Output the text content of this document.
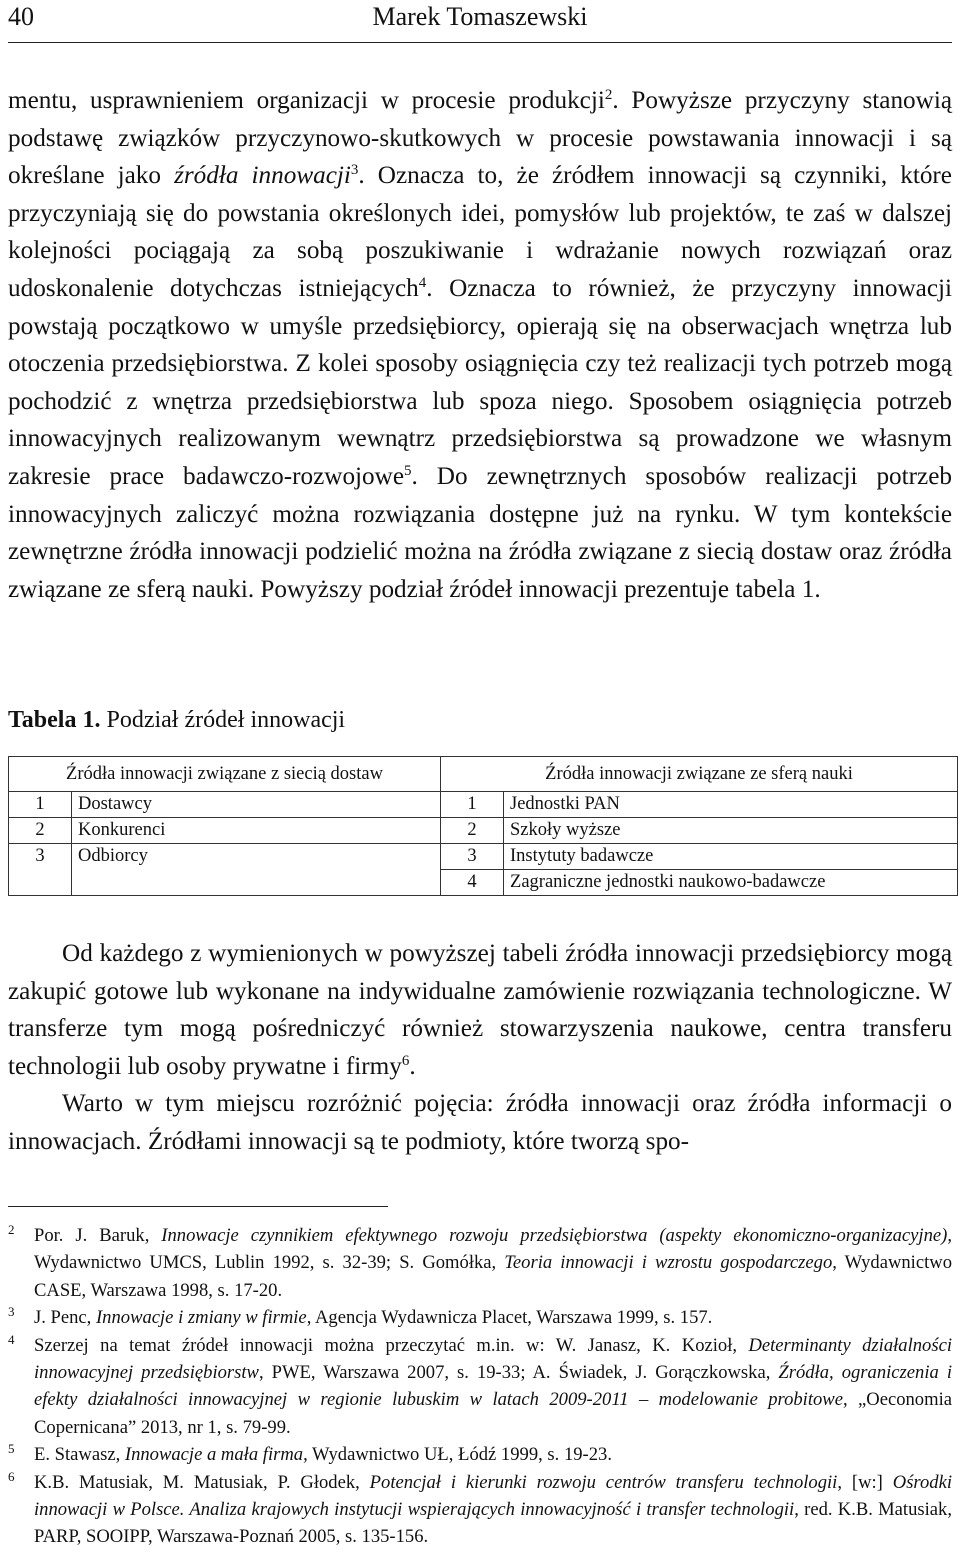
40	Marek Tomaszewski

mentu, usprawnieniem organizacji w procesie produkcji$^2$. Powyższe przyczyny stanowią podstawę związków przyczynowo-skutkowych w procesie powstawania innowacji i są określane jako źródła innowacji$^3$. Oznacza to, że źródłem innowacji są czynniki, które przyczyniają się do powstania określonych idei, pomysłów lub projektów, te zaś w dalszej kolejności pociągają za sobą poszukiwanie i wdrażanie nowych rozwiązań oraz udoskonalenie dotychczas istniejących$^4$. Oznacza to również, że przyczyny innowacji powstają początkowo w umyśle przedsiębiorcy, opierają się na obserwacjach wnętrza lub otoczenia przedsiębiorstwa. Z kolei sposoby osiągnięcia czy też realizacji tych potrzeb mogą pochodzić z wnętrza przedsiębiorstwa lub spoza niego. Sposobem osiągnięcia potrzeb innowacyjnych realizowanym wewnątrz przedsiębiorstwa są prowadzone we własnym zakresie prace badawczo-rozwojowe$^5$. Do zewnętrznych sposobów realizacji potrzeb innowacyjnych zaliczyć można rozwiązania dostępne już na rynku. W tym kontekście zewnętrzne źródła innowacji podzielić można na źródła związane z siecią dostaw oraz źródła związane ze sferą nauki. Powyższy podział źródeł innowacji prezentuje tabela 1.

Tabela 1. Podział źródeł innowacji
Źródła innowacji związane z siecią dostaw		Źródła innowacji związane ze sferą nauki	
1	Dostawcy	1	Jednostki PAN
2	Konkurenci	2	Szkoły wyższe
3	Odbiorcy	3	Instytuty badawcze
		4	Zagraniczne jednostki naukowo-badawcze

Od każdego z wymienionych w powyższej tabeli źródła innowacji przedsiębiorcy mogą zakupić gotowe lub wykonane na indywidualne zamówienie rozwiązania technologiczne. W transferze tym mogą pośredniczyć również stowarzyszenia naukowe, centra transferu technologii lub osoby prywatne i firmy$^6$.

Warto w tym miejscu rozróżnić pojęcia: źródła innowacji oraz źródła informacji o innowacjach. Źródłami innowacji są te podmioty, które tworzą spo-

2	Por. J. Baruk, Innowacje czynnikiem efektywnego rozwoju przedsiębiorstwa (aspekty ekonomiczno-organizacyjne), Wydawnictwo UMCS, Lublin 1992, s. 32-39; S. Gomółka, Teoria innowacji i wzrostu gospodarczego, Wydawnictwo CASE, Warszawa 1998, s. 17-20.
3	J. Penc, Innowacje i zmiany w firmie, Agencja Wydawnicza Placet, Warszawa 1999, s. 157.
4	Szerzej na temat źródeł innowacji można przeczytać m.in. w: W. Janasz, K. Kozioł, Determinanty działalności innowacyjnej przedsiębiorstw, PWE, Warszawa 2007, s. 19-33; A. Świadek, J. Gorączkowska, Źródła, ograniczenia i efekty działalności innowacyjnej w regionie lubuskim w latach 2009-2011 – modelowanie probitowe, „Oeconomia Copernicana” 2013, nr 1, s. 79-99.
5	E. Stawasz, Innowacje a mała firma, Wydawnictwo UŁ, Łódź 1999, s. 19-23.
6	K.B. Matusiak, M. Matusiak, P. Głodek, Potencjał i kierunki rozwoju centrów transferu technologii, [w:] Ośrodki innowacji w Polsce. Analiza krajowych instytucji wspierających innowacyjność i transfer technologii, red. K.B. Matusiak, PARP, SOOIPP, Warszawa-Poznań 2005, s. 135-156.
